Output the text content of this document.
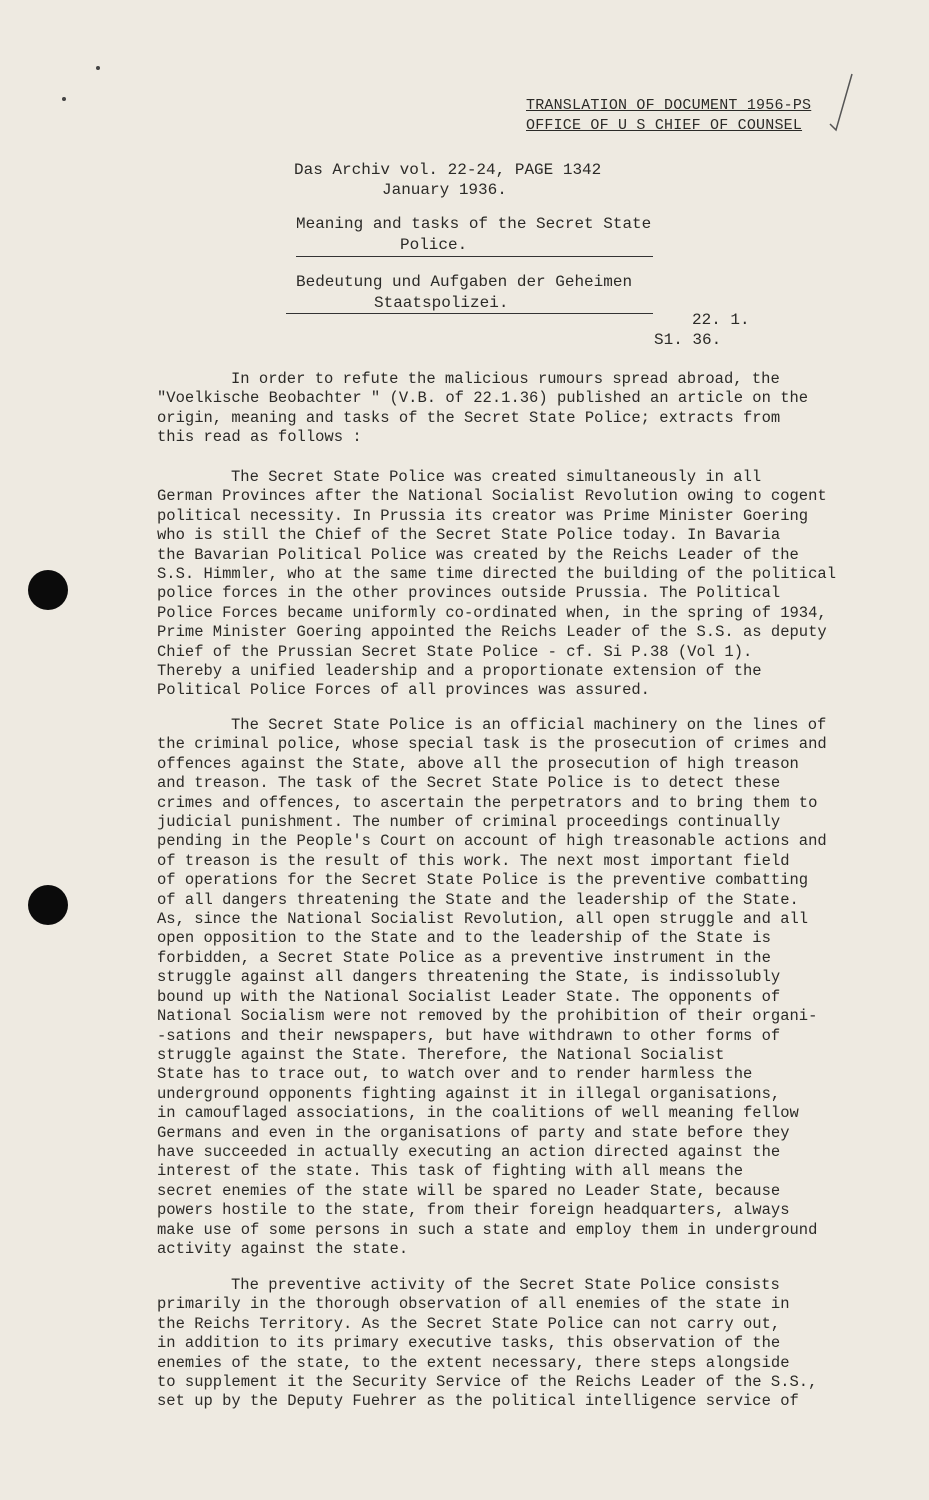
TRANSLATION OF DOCUMENT 1956-PS
OFFICE OF U S CHIEF OF COUNSEL
Das Archiv vol. 22-24, PAGE 1342
January 1936.
Meaning and tasks of the Secret State
Police.
Bedeutung und Aufgaben der Geheimen
Staatspolizei.
22. 1.
S1. 36.
In order to refute the malicious rumours spread abroad, the
"Voelkische Beobachter " (V.B. of 22.1.36) published an article on the
origin, meaning and tasks of the Secret State Police; extracts from
this read as follows :
The Secret State Police was created simultaneously in all
German Provinces after the National Socialist Revolution owing to cogent
political necessity. In Prussia its creator was Prime Minister Goering
who is still the Chief of the Secret State Police today. In Bavaria
the Bavarian Political Police was created by the Reichs Leader of the
S.S. Himmler, who at the same time directed the building of the political
police forces in the other provinces outside Prussia. The Political
Police Forces became uniformly co-ordinated when, in the spring of 1934,
Prime Minister Goering appointed the Reichs Leader of the S.S. as deputy
Chief of the Prussian Secret State Police - cf. Si P.38 (Vol 1).
Thereby a unified leadership and a proportionate extension of the
Political Police Forces of all provinces was assured.
The Secret State Police is an official machinery on the lines of
the criminal police, whose special task is the prosecution of crimes and
offences against the State, above all the prosecution of high treason
and treason. The task of the Secret State Police is to detect these
crimes and offences, to ascertain the perpetrators and to bring them to
judicial punishment. The number of criminal proceedings continually
pending in the People's Court on account of high treasonable actions and
of treason is the result of this work. The next most important field
of operations for the Secret State Police is the preventive combatting
of all dangers threatening the State and the leadership of the State.
As, since the National Socialist Revolution, all open struggle and all
open opposition to the State and to the leadership of the State is
forbidden, a Secret State Police as a preventive instrument in the
struggle against all dangers threatening the State, is indissolubly
bound up with the National Socialist Leader State. The opponents of
National Socialism were not removed by the prohibition of their organi-
-sations and their newspapers, but have withdrawn to other forms of
struggle against the State. Therefore, the National Socialist
State has to trace out, to watch over and to render harmless the
underground opponents fighting against it in illegal organisations,
in camouflaged associations, in the coalitions of well meaning fellow
Germans and even in the organisations of party and state before they
have succeeded in actually executing an action directed against the
interest of the state. This task of fighting with all means the
secret enemies of the state will be spared no Leader State, because
powers hostile to the state, from their foreign headquarters, always
make use of some persons in such a state and employ them in underground
activity against the state.
The preventive activity of the Secret State Police consists
primarily in the thorough observation of all enemies of the state in
the Reichs Territory. As the Secret State Police can not carry out,
in addition to its primary executive tasks, this observation of the
enemies of the state, to the extent necessary, there steps alongside
to supplement it the Security Service of the Reichs Leader of the S.S.,
set up by the Deputy Fuehrer as the political intelligence service of
